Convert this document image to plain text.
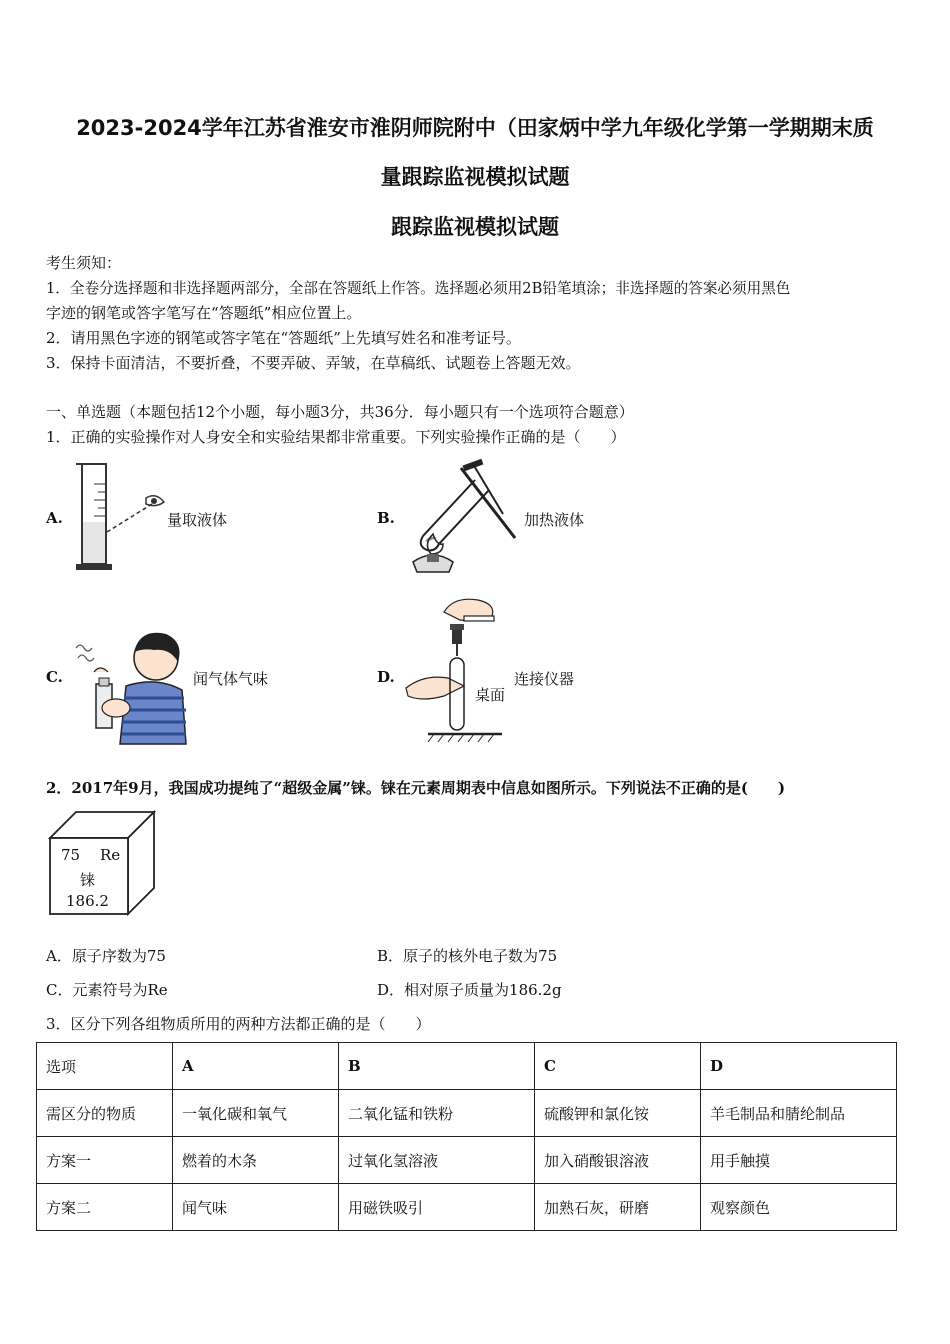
2023-2024学年江苏省淮安市淮阴师院附中（田家炳中学九年级化学第一学期期末质
量跟踪监视模拟试题
跟踪监视模拟试题
考生须知：
1．全卷分选择题和非选择题两部分，全部在答题纸上作答。选择题必须用2B铅笔填涂；非选择题的答案必须用黑色
字迹的钢笔或答字笔写在“答题纸”相应位置上。
2．请用黑色字迹的钢笔或答字笔在“答题纸”上先填写姓名和准考证号。
3．保持卡面清洁，不要折叠，不要弄破、弄皱，在草稿纸、试题卷上答题无效。
一、单选题（本题包括12个小题，每小题3分，共36分．每小题只有一个选项符合题意）
1．正确的实验操作对人身安全和实验结果都非常重要。下列实验操作正确的是（　　）
A.	量取液体	B.	加热液体
C.	闻气体气味	D.
桌面
连接仪器
2．2017年9月，我国成功提纯了“超级金属”铼。铼在元素周期表中信息如图所示。下列说法不正确的是(　　)
75 Re
铼
186.2
A．原子序数为75	B．原子的核外电子数为75
C．元素符号为Re	D．相对原子质量为186.2g
3．区分下列各组物质所用的两种方法都正确的是（　　）
选项	A	B	C	D
需区分的物质	一氧化碳和氧气	二氧化锰和铁粉	硫酸钾和氯化铵	羊毛制品和腈纶制品
方案一	燃着的木条	过氧化氢溶液	加入硝酸银溶液	用手触摸
方案二	闻气味	用磁铁吸引	加熟石灰，研磨	观察颜色
